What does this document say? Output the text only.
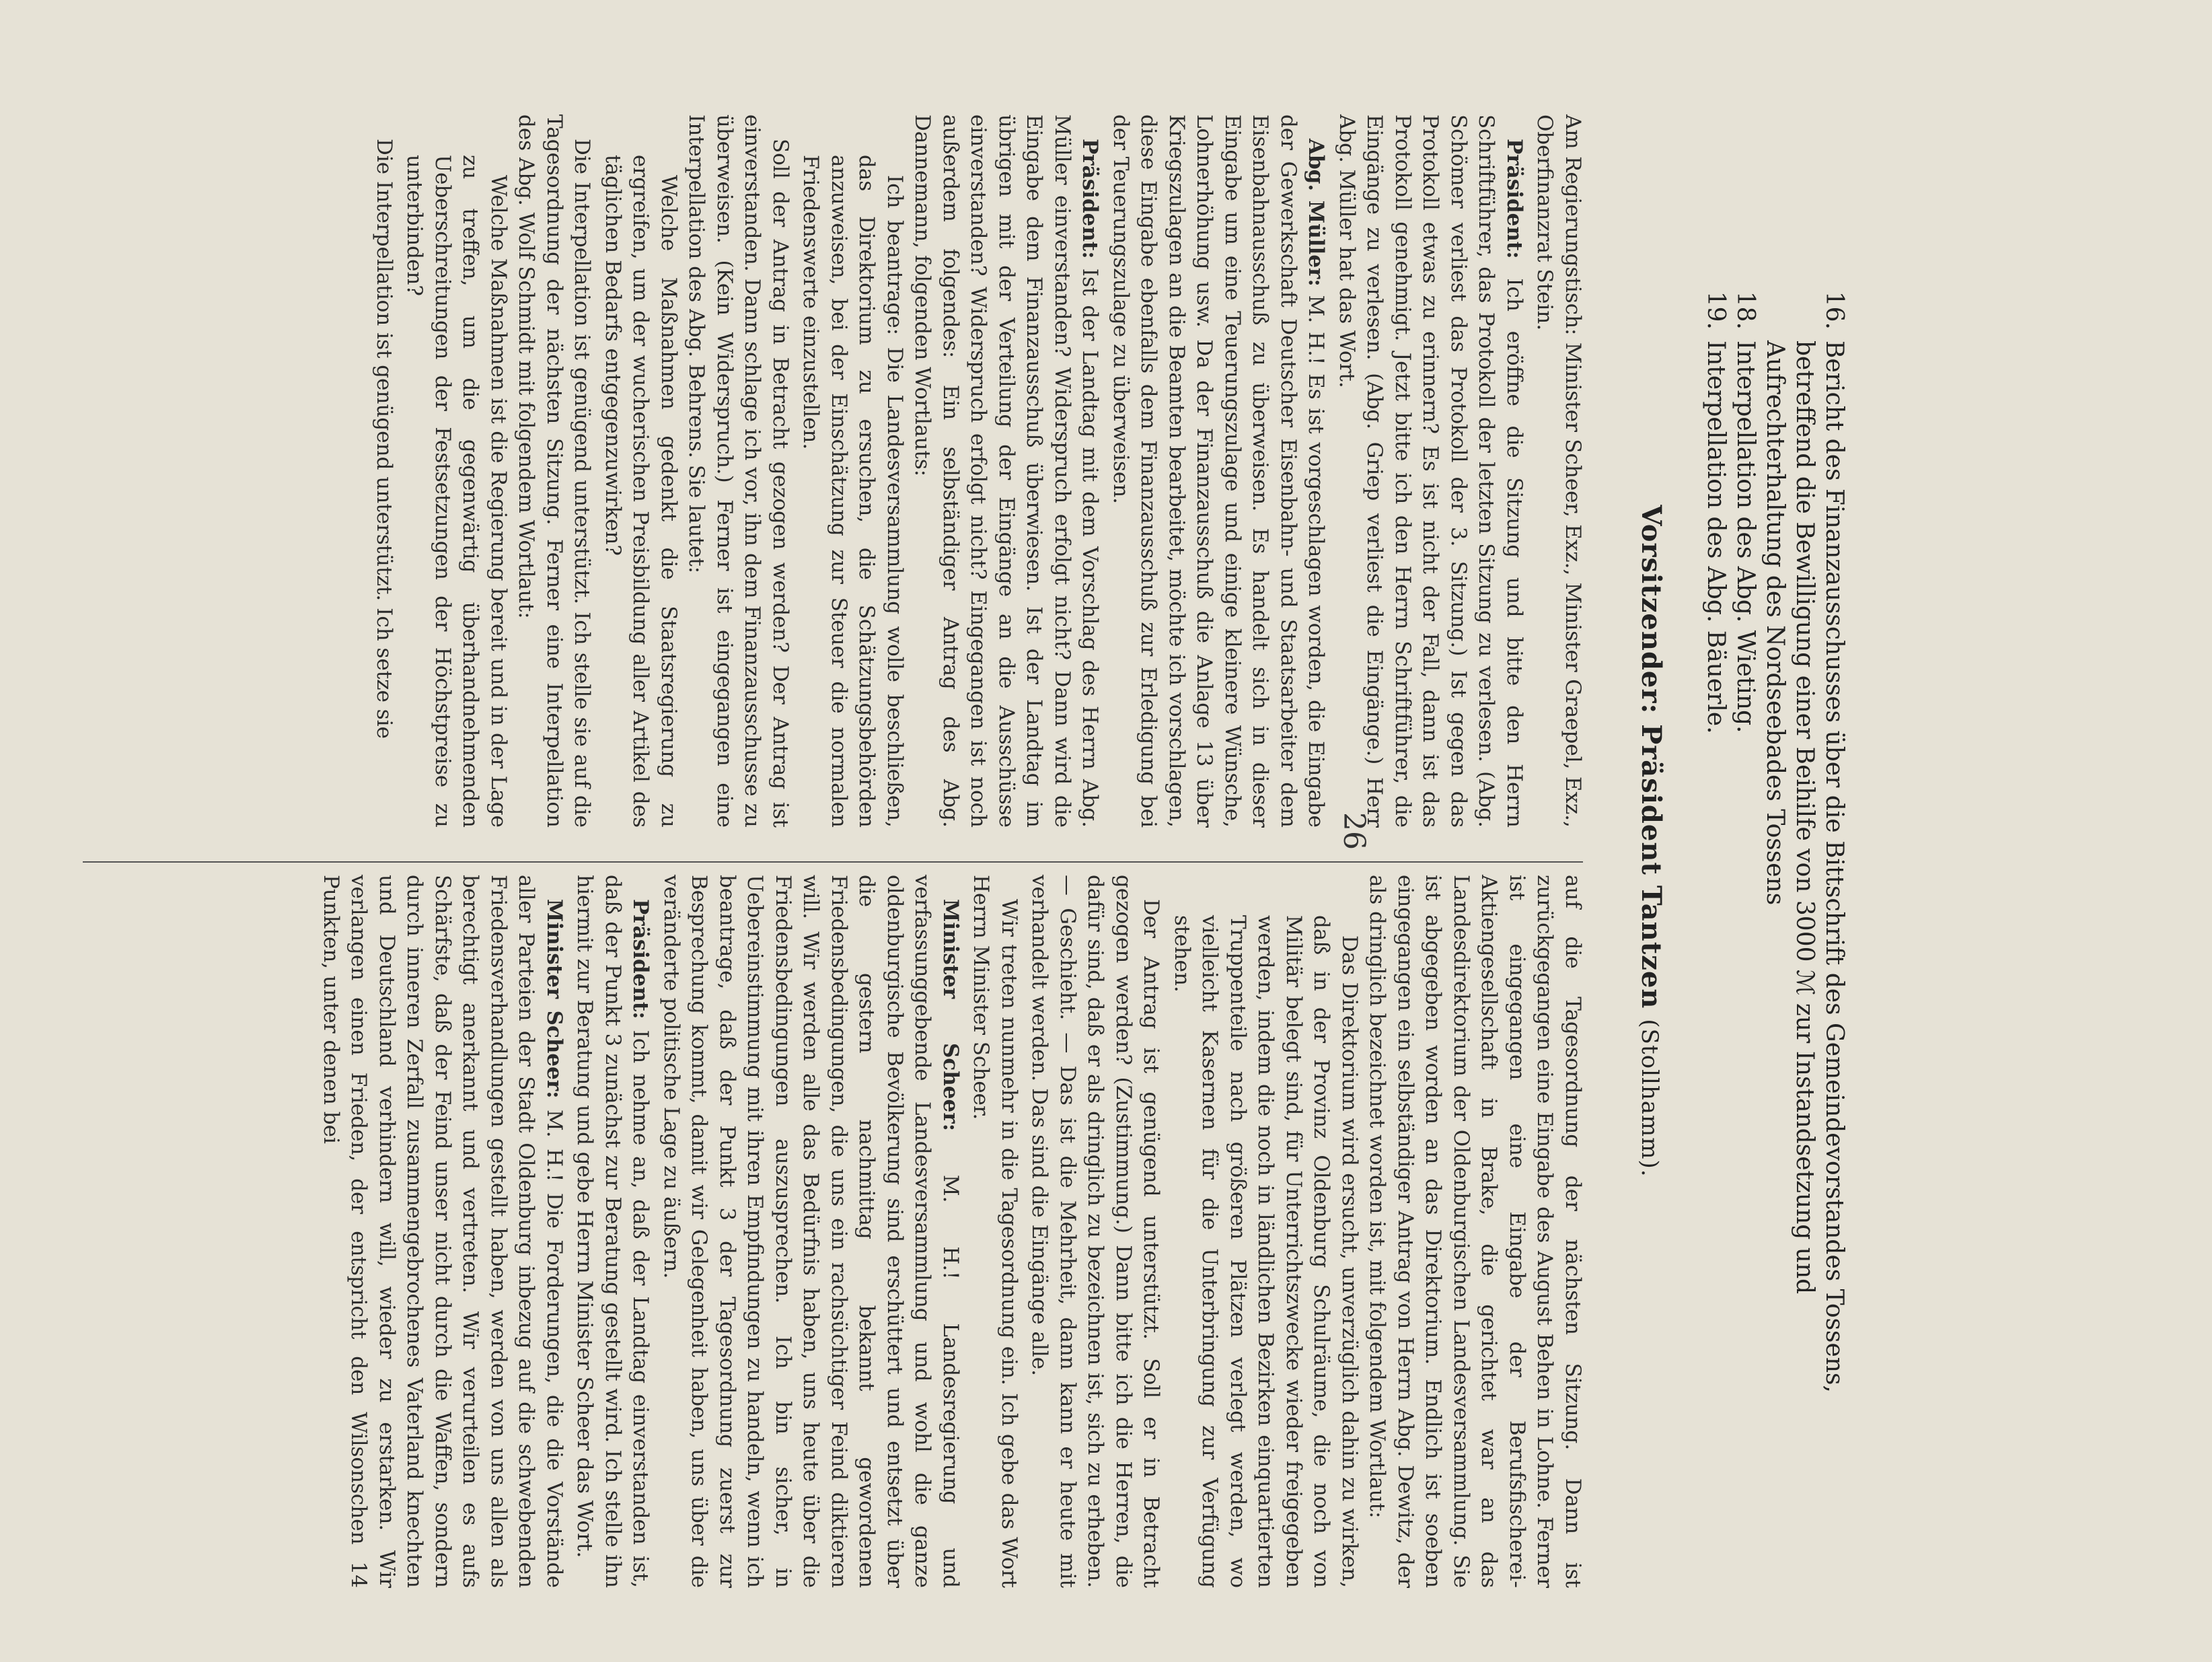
26
16.
Bericht des Finanzausschusses über die Bittschrift des Gemeindevorstandes Tossens, betreffend die Bewilligung einer Beihilfe von 3000 ℳ zur Instandsetzung und Aufrechterhaltung des Nordseebades Tossens
18.
Interpellation des Abg. Wieting.
19.
Interpellation des Abg. Bäuerle.
Vorsitzender: Präsident Tantzen (Stollhamm).

Am Regierungstisch: Minister Scheer, Exz., Minister Graepel, Exz., Oberfinanzrat Stein.

Präsident: Ich eröffne die Sitzung und bitte den Herrn Schriftführer, das Protokoll der letzten Sitzung zu verlesen. (Abg. Schömer verliest das Protokoll der 3. Sitzung.) Ist gegen das Protokoll etwas zu erinnern? Es ist nicht der Fall, dann ist das Protokoll genehmigt. Jetzt bitte ich den Herrn Schriftführer, die Eingänge zu verlesen. (Abg. Griep verliest die Eingänge.) Herr Abg. Müller hat das Wort.

Abg. Müller: M. H.! Es ist vorgeschlagen worden, die Eingabe der Gewerkschaft Deutscher Eisenbahn- und Staatsarbeiter dem Eisenbahnausschuß zu überweisen. Es handelt sich in dieser Eingabe um eine Teuerungszulage und einige kleinere Wünsche, Lohnerhöhung usw. Da der Finanzausschuß die Anlage 13 über Kriegszulagen an die Beamten bearbeitet, möchte ich vorschlagen, diese Eingabe ebenfalls dem Finanzausschuß zur Erledigung bei der Teuerungszulage zu überweisen.

Präsident: Ist der Landtag mit dem Vorschlag des Herrn Abg. Müller einverstanden? Widerspruch erfolgt nicht? Dann wird die Eingabe dem Finanzausschuß überwiesen. Ist der Landtag im übrigen mit der Verteilung der Eingänge an die Ausschüsse einverstanden? Widerspruch erfolgt nicht? Eingegangen ist noch außerdem folgendes: Ein selbständiger Antrag des Abg. Dannemann, folgenden Wortlauts:

Ich beantrage: Die Landesversammlung wolle beschließen, das Direktorium zu ersuchen, die Schätzungsbehörden anzuweisen, bei der Einschätzung zur Steuer die normalen Friedenswerte einzustellen.

Soll der Antrag in Betracht gezogen werden? Der Antrag ist einverstanden. Dann schlage ich vor, ihn dem Finanzausschusse zu überweisen. (Kein Widerspruch.) Ferner ist eingegangen eine Interpellation des Abg. Behrens. Sie lautet:

Welche Maßnahmen gedenkt die Staatsregierung zu ergreifen, um der wucherischen Preisbildung aller Artikel des täglichen Bedarfs entgegenzuwirken?

Die Interpellation ist genügend unterstützt. Ich stelle sie auf die Tagesordnung der nächsten Sitzung. Ferner eine Interpellation des Abg. Wolf Schmidt mit folgendem Wortlaut:

Welche Maßnahmen ist die Regierung bereit und in der Lage zu treffen, um die gegenwärtig überhandnehmenden Ueberschreitungen der Festsetzungen der Höchstpreise zu unterbinden?

Die Interpellation ist genügend unterstützt. Ich setze sie

auf die Tagesordnung der nächsten Sitzung. Dann ist zurückgegangen eine Eingabe des August Behen in Lohne. Ferner ist eingegangen eine Eingabe der Berufsfischerei-Aktiengesellschaft in Brake, die gerichtet war an das Landesdirektorium der Oldenburgischen Landesversammlung. Sie ist abgegeben worden an das Direktorium. Endlich ist soeben eingegangen ein selbständiger Antrag von Herrn Abg. Dewitz, der als dringlich bezeichnet worden ist, mit folgendem Wortlaut:

Das Direktorium wird ersucht, unverzüglich dahin zu wirken, daß in der Provinz Oldenburg Schulräume, die noch von Militär belegt sind, für Unterrichtszwecke wieder freigegeben werden, indem die noch in ländlichen Bezirken einquartierten Truppenteile nach größeren Plätzen verlegt werden, wo vielleicht Kasernen für die Unterbringung zur Verfügung stehen.

Der Antrag ist genügend unterstützt. Soll er in Betracht gezogen werden? (Zustimmung.) Dann bitte ich die Herren, die dafür sind, daß er als dringlich zu bezeichnen ist, sich zu erheben. — Geschieht. — Das ist die Mehrheit, dann kann er heute mit verhandelt werden. Das sind die Eingänge alle.

Wir treten nunmehr in die Tagesordnung ein. Ich gebe das Wort Herrn Minister Scheer.

Minister Scheer: M. H.! Landesregierung und verfassunggebende Landesversammlung und wohl die ganze oldenburgische Bevölkerung sind erschüttert und entsetzt über die gestern nachmittag bekannt gewordenen Friedensbedingungen, die uns ein rachsüchtiger Feind diktieren will. Wir werden alle das Bedürfnis haben, uns heute über die Friedensbedingungen auszusprechen. Ich bin sicher, in Uebereinstimmung mit ihren Empfindungen zu handeln, wenn ich beantrage, daß der Punkt 3 der Tagesordnung zuerst zur Besprechung kommt, damit wir Gelegenheit haben, uns über die veränderte politische Lage zu äußern.

Präsident: Ich nehme an, daß der Landtag einverstanden ist, daß der Punkt 3 zunächst zur Beratung gestellt wird. Ich stelle ihn hiermit zur Beratung und gebe Herrn Minister Scheer das Wort.

Minister Scheer: M. H.! Die Forderungen, die die Vorstände aller Parteien der Stadt Oldenburg inbezug auf die schwebenden Friedensverhandlungen gestellt haben, werden von uns allen als berechtigt anerkannt und vertreten. Wir verurteilen es aufs Schärfste, daß der Feind unser nicht durch die Waffen, sondern durch inneren Zerfall zusammengebrochenes Vaterland knechten und Deutschland verhindern will, wieder zu erstarken. Wir verlangen einen Frieden, der entspricht den Wilsonschen 14 Punkten, unter denen bei
